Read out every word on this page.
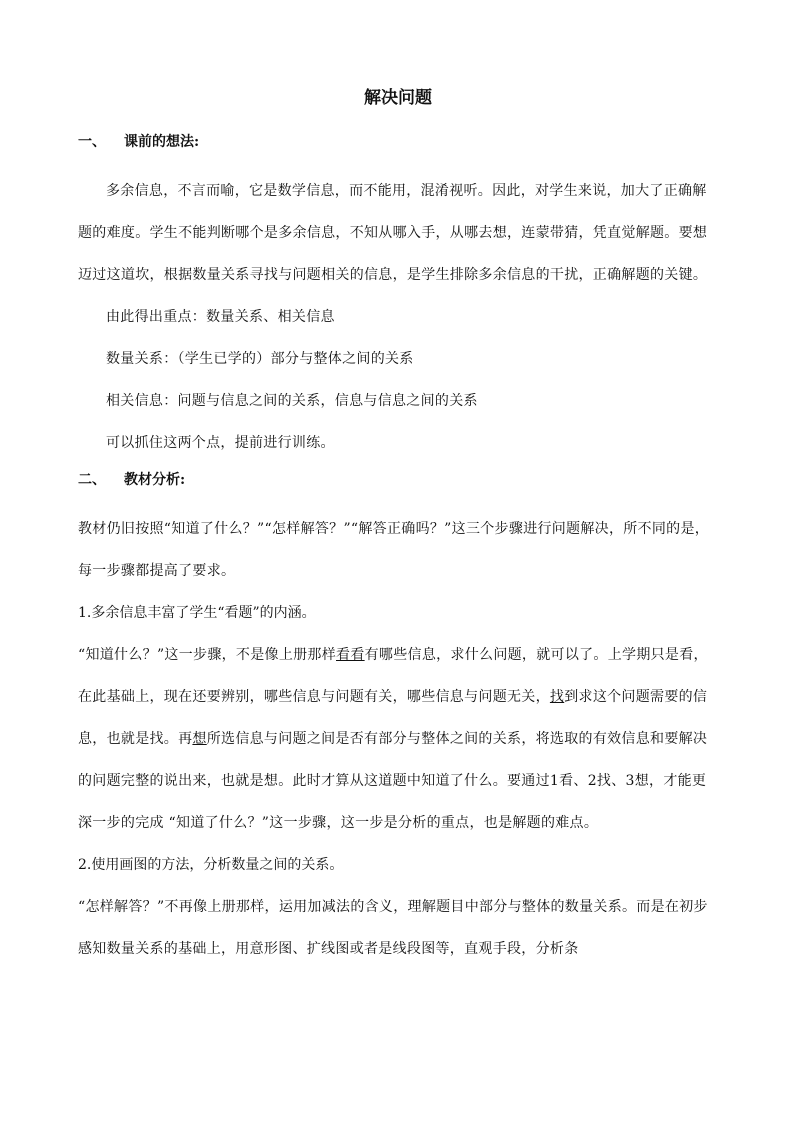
解决问题
一、 课前的想法:

多余信息，不言而喻，它是数学信息，而不能用，混淆视听。因此，对学生来说，加大了正确解题的难度。学生不能判断哪个是多余信息，不知从哪入手，从哪去想，连蒙带猜，凭直觉解题。要想迈过这道坎，根据数量关系寻找与问题相关的信息，是学生排除多余信息的干扰，正确解题的关键。

由此得出重点：数量关系、相关信息

数量关系：（学生已学的）部分与整体之间的关系

相关信息：问题与信息之间的关系，信息与信息之间的关系

可以抓住这两个点，提前进行训练。

二、 教材分析:

教材仍旧按照“知道了什么？”“怎样解答？”“解答正确吗？”这三个步骤进行问题解决，所不同的是，每一步骤都提高了要求。

1.多余信息丰富了学生“看题”的内涵。

“知道什么？”这一步骤，不是像上册那样看看有哪些信息，求什么问题，就可以了。上学期只是看，在此基础上，现在还要辨别，哪些信息与问题有关，哪些信息与问题无关，找到求这个问题需要的信息，也就是找。再想所选信息与问题之间是否有部分与整体之间的关系，将选取的有效信息和要解决的问题完整的说出来，也就是想。此时才算从这道题中知道了什么。要通过1看、2找、3想，才能更深一步的完成 “知道了什么？”这一步骤，这一步是分析的重点，也是解题的难点。

2.使用画图的方法，分析数量之间的关系。

“怎样解答？”不再像上册那样，运用加减法的含义，理解题目中部分与整体的数量关系。而是在初步感知数量关系的基础上，用意形图、扩线图或者是线段图等，直观手段，分析条
